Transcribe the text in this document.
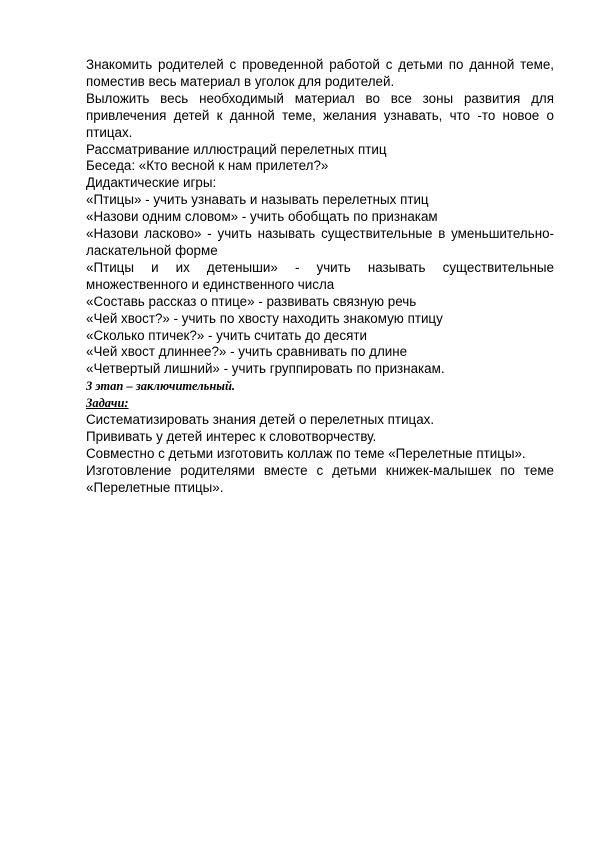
Знакомить родителей с проведенной работой с детьми по данной теме, поместив весь материал в уголок для родителей.

Выложить весь необходимый материал во все зоны развития для привлечения детей к данной теме, желания узнавать, что -то новое о птицах.

Рассматривание иллюстраций перелетных птиц

Беседа: «Кто весной к нам прилетел?»

Дидактические игры:

«Птицы» - учить узнавать и называть перелетных птиц

«Назови одним словом» - учить обобщать по признакам

«Назови ласково» - учить называть существительные в уменьшительно-ласкательной форме

«Птицы и их детеныши» - учить называть существительные множественного и единственного числа

«Составь рассказ о птице» - развивать связную речь

«Чей хвост?» - учить по хвосту находить знакомую птицу

«Сколько птичек?» - учить считать до десяти

«Чей хвост длиннее?» - учить сравнивать по длине

«Четвертый лишний» - учить группировать по признакам.

3 этап – заключительный.

Задачи:

Систематизировать знания детей о перелетных птицах.

Прививать у детей интерес к словотворчеству.

Совместно с детьми изготовить коллаж по теме «Перелетные птицы».

Изготовление родителями вместе с детьми книжек-малышек по теме «Перелетные птицы».
